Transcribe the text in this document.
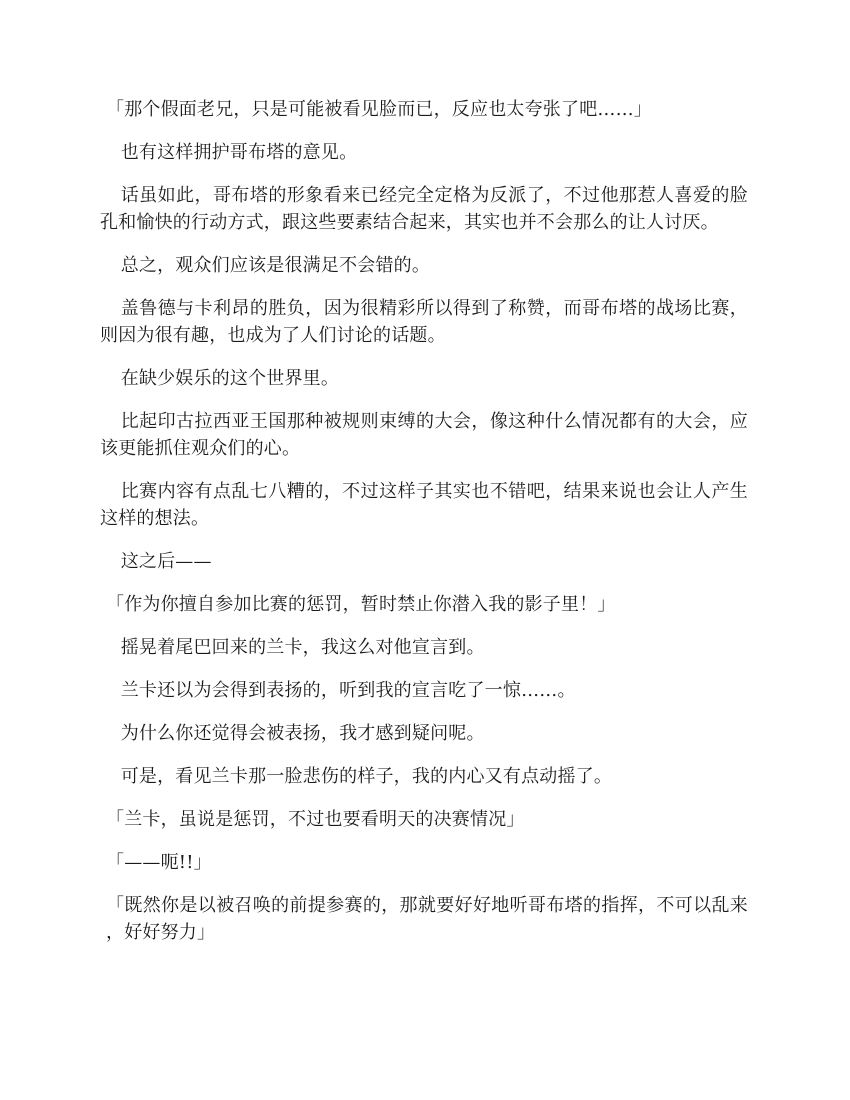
「那个假面老兄，只是可能被看见脸而已，反应也太夸张了吧……」

也有这样拥护哥布塔的意见。

话虽如此，哥布塔的形象看来已经完全定格为反派了，不过他那惹人喜爱的脸孔和愉快的行动方式，跟这些要素结合起来，其实也并不会那么的让人讨厌。

总之，观众们应该是很满足不会错的。

盖鲁德与卡利昂的胜负，因为很精彩所以得到了称赞，而哥布塔的战场比赛，则因为很有趣，也成为了人们讨论的话题。

在缺少娱乐的这个世界里。

比起印古拉西亚王国那种被规则束缚的大会，像这种什么情况都有的大会，应该更能抓住观众们的心。

比赛内容有点乱七八糟的，不过这样子其实也不错吧，结果来说也会让人产生这样的想法。

这之后——

「作为你擅自参加比赛的惩罚，暂时禁止你潜入我的影子里！」

摇晃着尾巴回来的兰卡，我这么对他宣言到。

兰卡还以为会得到表扬的，听到我的宣言吃了一惊……。

为什么你还觉得会被表扬，我才感到疑问呢。

可是，看见兰卡那一脸悲伤的样子，我的内心又有点动摇了。

「兰卡，虽说是惩罚，不过也要看明天的决赛情况」

「——呃!!」

「既然你是以被召唤的前提参赛的，那就要好好地听哥布塔的指挥，不可以乱来，好好努力」
